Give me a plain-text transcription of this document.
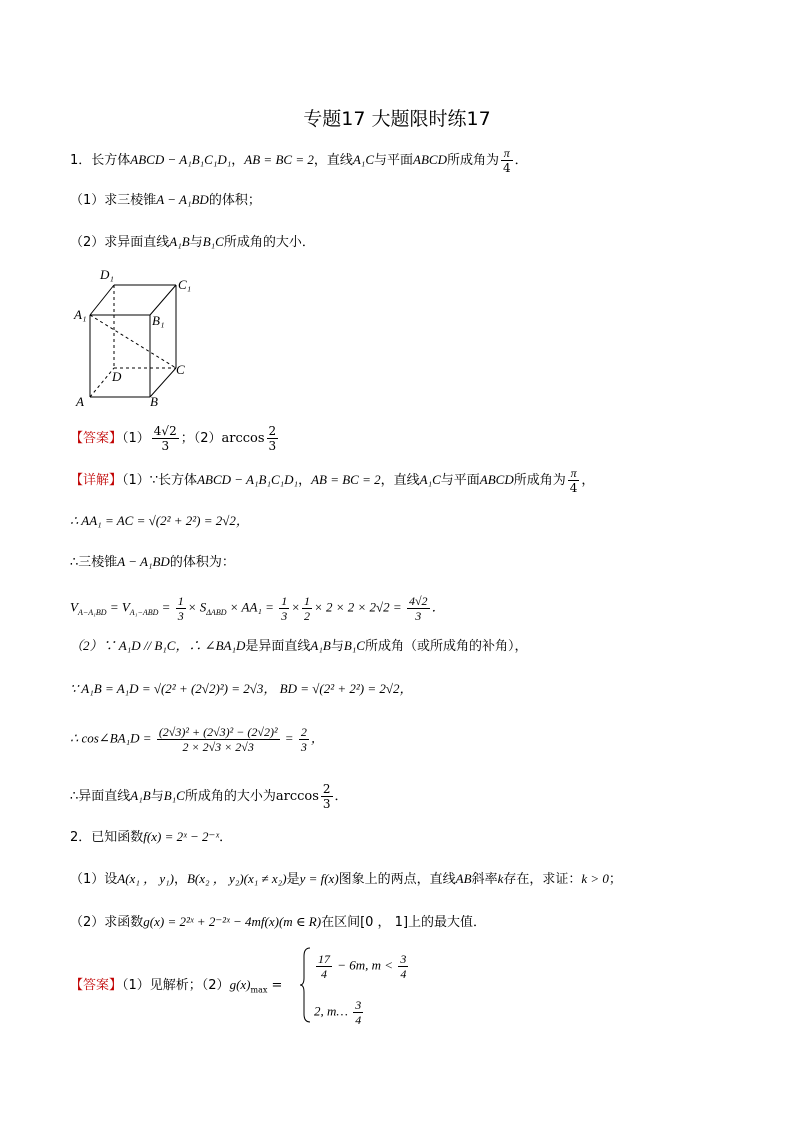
专题17 大题限时练17
1．长方体ABCD − A₁B₁C₁D₁，AB = BC = 2，直线A₁C与平面ABCD所成角为 $\frac{\pi}{4}$ ．
（1）求三棱锥A − A₁BD的体积；
（2）求异面直线A₁B与B₁C所成角的大小．
D₁
C₁
A₁	B₁
D	C
A	B
【答案】$(1) \frac{4√2}{3}$ ；$(2)\arccos \frac{2}{3}$
【详解】（1）∵长方体ABCD − A₁B₁C₁D₁，AB = BC = 2，直线A₁C与平面ABCD所成角为 $\frac{\pi}{4}$ ，
∴ AA₁ = AC = √(2² + 2²) = 2√2，
∴三棱锥A − A₁BD的体积为：
$V_{A-A_1BD} = V_{A_1-ABD} = \frac{1}{3} \times S_{\Delta ABD} \times AA_1 = \frac{1}{3} \times \frac{1}{2} \times 2 \times 2 \times 2√2 = \frac{4√2}{3}$ ．
（2）∵ A₁D // B₁C，∴ ∠BA₁D是异面直线A₁B与B₁C所成角（或所成角的补角），
∵ A₁B = A₁D = √(2² + (2√2)²) = 2√3， BD = √(2² + 2²) = 2√2，
∴ cos∠BA₁D = $\frac{\text{(2√3)² + (2√3)² − (2√2)²}}{2 \times 2√3 \times 2√3} = \frac{2}{3}$ ，
∴异面直线A₁B与B₁C所成角的大小为$\arccos \frac{2}{3}$ ．
2．已知函数f(x) = 2ˣ − 2⁻ˣ．
（1）设A(x₁ ， y₁)，B(x₂ ， y₂)(x₁ ≠ x₂)是y = f(x)图象上的两点，直线AB斜率k存在，求证：k > 0；
（2）求函数g(x) = 2²ˣ + 2⁻²ˣ − 4mf(x)(m ∈ R)在区间[0 ， 1]上的最大值．
【答案】（1）见解析；$(2)g(x)_{max}$ =
$\frac{17}{4} - 6m$, $m < \frac{3}{4}$
2, m… $\frac{3}{4}$
